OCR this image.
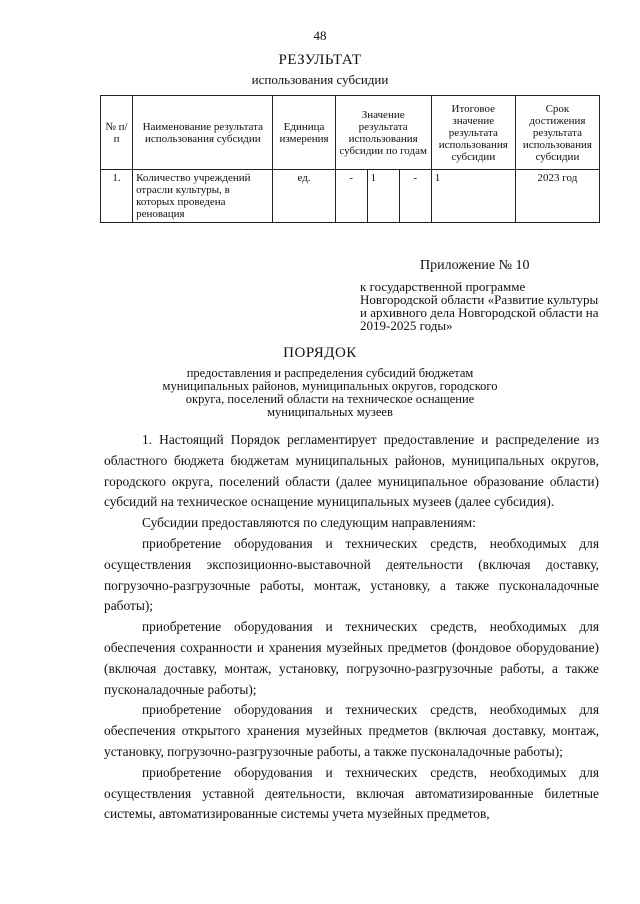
48
РЕЗУЛЬТАТ
использования субсидии
№ п/п	Наименование результата использования субсидии	Единица измерения	Значение результата использования субсидии по годам			Итоговое значение результата использования субсидии	Срок достижения результата использования субсидии
1.	Количество учреждений отрасли культуры, в которых проведена реновация	ед.	-	1	-	1	2023 год
Приложение № 10
к государственной программе Новгородской области «Развитие культуры и архивного дела Новгородской области на 2019-2025 годы»
ПОРЯДОК
предоставления и распределения субсидий бюджетам муниципальных районов, муниципальных округов, городского округа, поселений области на техническое оснащение муниципальных музеев

1. Настоящий Порядок регламентирует предоставление и распределение из областного бюджета бюджетам муниципальных районов, муниципальных округов, городского округа, поселений области (далее муниципальное образование области) субсидий на техническое оснащение муниципальных музеев (далее субсидия).

Субсидии предоставляются по следующим направлениям:

приобретение оборудования и технических средств, необходимых для осуществления экспозиционно-выставочной деятельности (включая доставку, погрузочно-разгрузочные работы, монтаж, установку, а также пусконаладочные работы);

приобретение оборудования и технических средств, необходимых для обеспечения сохранности и хранения музейных предметов (фондовое оборудование) (включая доставку, монтаж, установку, погрузочно-разгрузочные работы, а также пусконаладочные работы);

приобретение оборудования и технических средств, необходимых для обеспечения открытого хранения музейных предметов (включая доставку, монтаж, установку, погрузочно-разгрузочные работы, а также пусконаладочные работы);

приобретение оборудования и технических средств, необходимых для осуществления уставной деятельности, включая автоматизированные билетные системы, автоматизированные системы учета музейных предметов,
